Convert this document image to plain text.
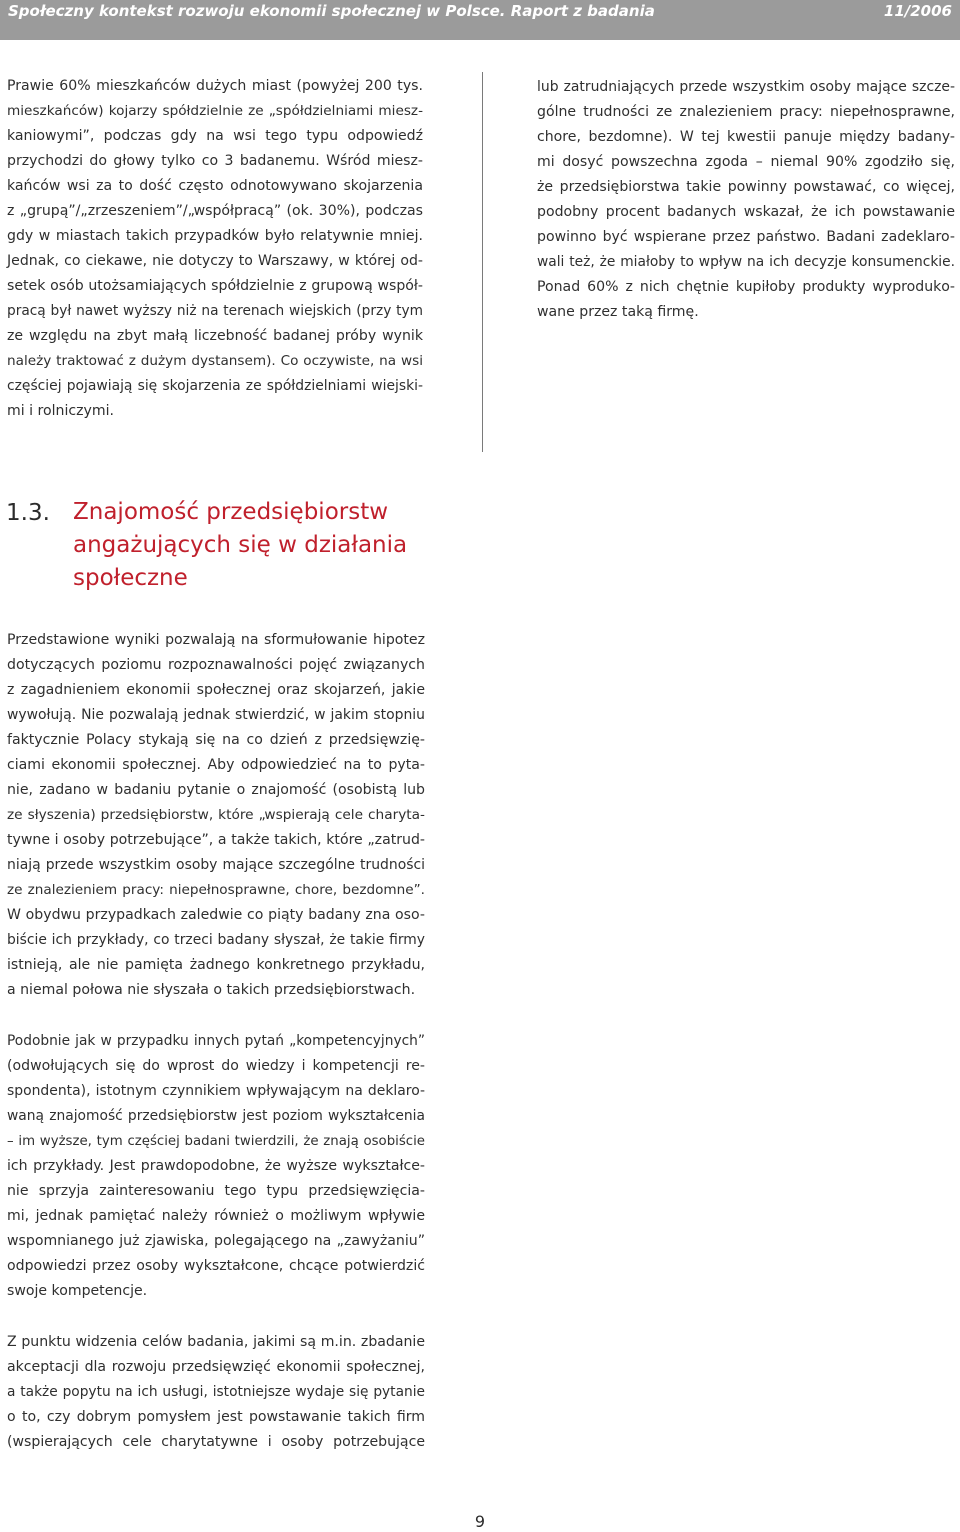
Społeczny kontekst rozwoju ekonomii społecznej w Polsce. Raport z badania	11/2006
Prawie 60% mieszkańców dużych miast (powyżej 200 tys.
mieszkańców) kojarzy spółdzielnie ze „spółdzielniami miesz-
kaniowymi”, podczas gdy na wsi tego typu odpowiedź
przychodzi do głowy tylko co 3 badanemu. Wśród miesz-
kańców wsi za to dość często odnotowywano skojarzenia
z „grupą”/„zrzeszeniem”/„współpracą” (ok. 30%), podczas
gdy w miastach takich przypadków było relatywnie mniej.
Jednak, co ciekawe, nie dotyczy to Warszawy, w której od-
setek osób utożsamiających spółdzielnie z grupową współ-
pracą był nawet wyższy niż na terenach wiejskich (przy tym
ze względu na zbyt małą liczebność badanej próby wynik
należy traktować z dużym dystansem). Co oczywiste, na wsi
częściej pojawiają się skojarzenia ze spółdzielniami wiejski-
mi i rolniczymi.
lub zatrudniających przede wszystkim osoby mające szcze-
gólne trudności ze znalezieniem pracy: niepełnosprawne,
chore, bezdomne). W tej kwestii panuje między badany-
mi dosyć powszechna zgoda – niemal 90% zgodziło się,
że przedsiębiorstwa takie powinny powstawać, co więcej,
podobny procent badanych wskazał, że ich powstawanie
powinno być wspierane przez państwo. Badani zadeklaro-
wali też, że miałoby to wpływ na ich decyzje konsumenckie.
Ponad 60% z nich chętnie kupiłoby produkty wyprodukо-
wane przez taką firmę.
1.3. Znajomość przedsiębiorstw
angażujących się w działania
społeczne
Przedstawione wyniki pozwalają na sformułowanie hipotez
dotyczących poziomu rozpoznawalności pojęć związanych
z zagadnieniem ekonomii społecznej oraz skojarzeń, jakie
wywołują. Nie pozwalają jednak stwierdzić, w jakim stopniu
faktycznie Polacy stykają się na co dzień z przedsięwzię-
ciami ekonomii społecznej. Aby odpowiedzieć na to pyta-
nie, zadano w badaniu pytanie o znajomość (osobistą lub
ze słyszenia) przedsiębiorstw, które „wspierają cele charyta-
tywne i osoby potrzebujące”, a także takich, które „zatrud-
niają przede wszystkim osoby mające szczególne trudności
ze znalezieniem pracy: niepełnosprawne, chore, bezdomne”.
W obydwu przypadkach zaledwie co piąty badany zna oso-
biście ich przykłady, co trzeci badany słyszał, że takie firmy
istnieją, ale nie pamięta żadnego konkretnego przykładu,
a niemal połowa nie słyszała o takich przedsiębiorstwach.
Podobnie jak w przypadku innych pytań „kompetencyjnych”
(odwołujących się do wprost do wiedzy i kompetencji re-
spondenta), istotnym czynnikiem wpływającym na deklaro-
waną znajomość przedsiębiorstw jest poziom wykształcenia
– im wyższe, tym częściej badani twierdzili, że znają osobiście
ich przykłady. Jest prawdopodobne, że wyższe wykształce-
nie sprzyja zainteresowaniu tego typu przedsięwzięcia-
mi, jednak pamiętać należy również o możliwym wpływie
wspomnianego już zjawiska, polegającego na „zawyżaniu”
odpowiedzi przez osoby wykształcone, chcące potwierdzić
swoje kompetencje.
Z punktu widzenia celów badania, jakimi są m.in. zbadanie
akceptacji dla rozwoju przedsięwzięć ekonomii społecznej,
a także popytu na ich usługi, istotniejsze wydaje się pytanie
o to, czy dobrym pomysłem jest powstawanie takich firm
(wspierających cele charytatywne i osoby potrzebujące
9
